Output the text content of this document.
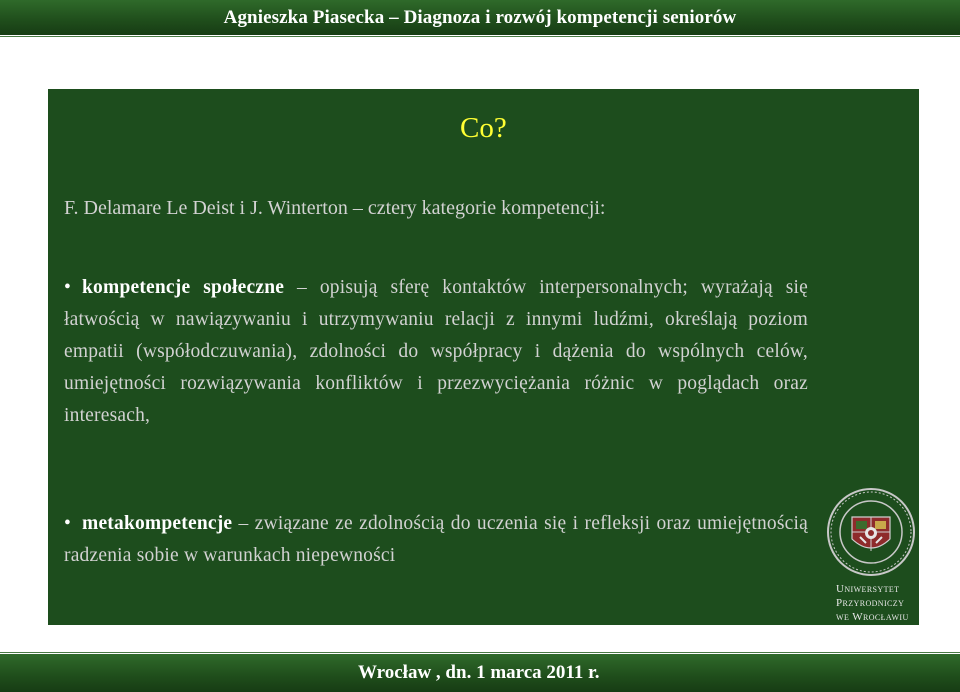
Agnieszka Piasecka – Diagnoza i rozwój kompetencji seniorów
Co?
F. Delamare Le Deist i J. Winterton – cztery kategorie kompetencji:
• kompetencje społeczne – opisują sferę kontaktów interpersonalnych; wyrażają się łatwością w nawiązywaniu i utrzymywaniu relacji z innymi ludźmi, określają poziom empatii (współodczuwania), zdolności do współpracy i dążenia do wspólnych celów, umiejętności rozwiązywania konfliktów i przezwyciężania różnic w poglądach oraz interesach,
• metakompetencje – związane ze zdolnością do uczenia się i refleksji oraz umiejętnością radzenia sobie w warunkach niepewności
Uniwersytet
Przyrodniczy
we Wrocławiu
Wrocław , dn. 1 marca 2011 r.
